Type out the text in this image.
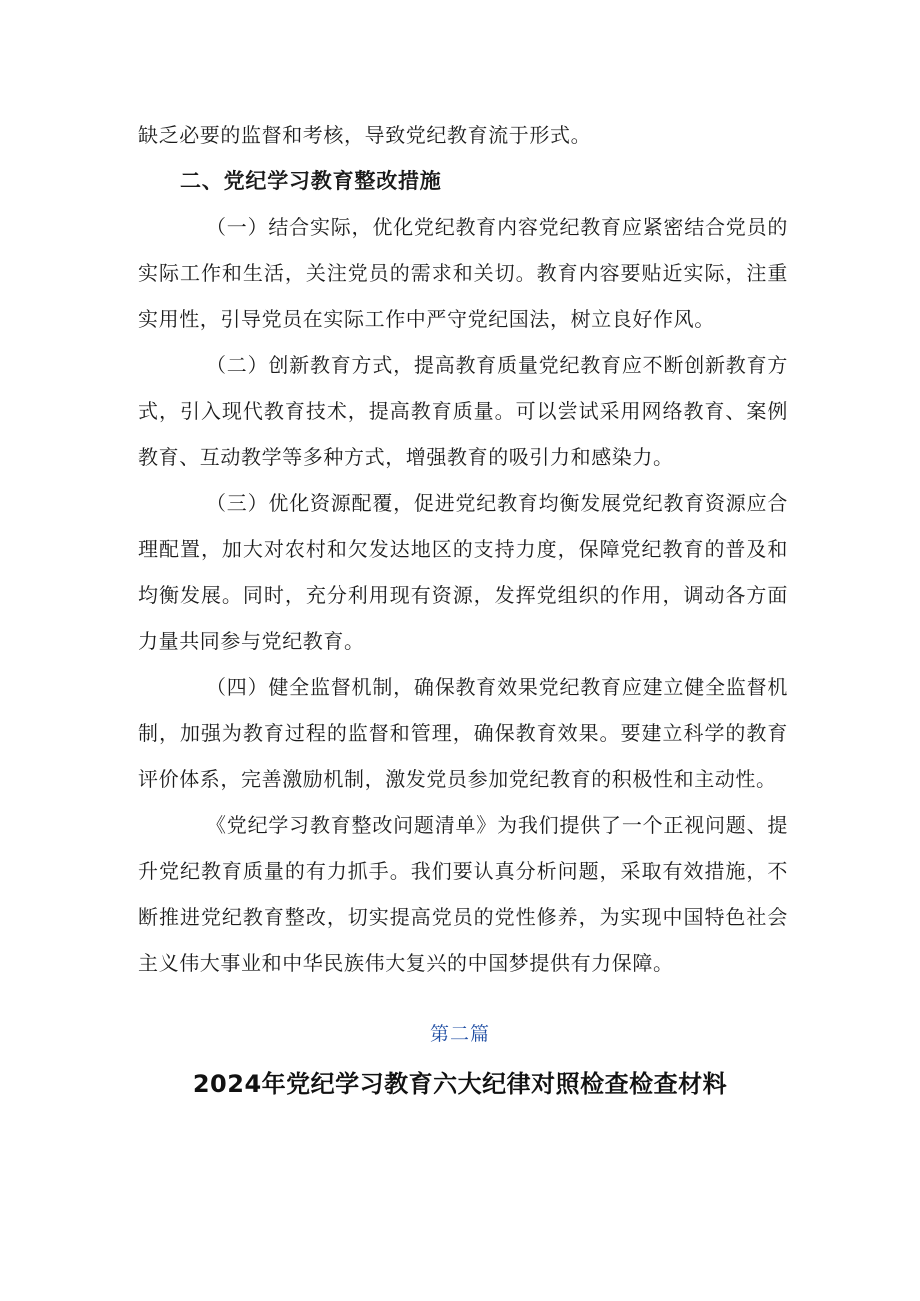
缺乏必要的监督和考核，导致党纪教育流于形式。

二、党纪学习教育整改措施

（一）结合实际，优化党纪教育内容党纪教育应紧密结合党员的实际工作和生活，关注党员的需求和关切。教育内容要贴近实际，注重实用性，引导党员在实际工作中严守党纪国法，树立良好作风。

（二）创新教育方式，提高教育质量党纪教育应不断创新教育方式，引入现代教育技术，提高教育质量。可以尝试采用网络教育、案例教育、互动教学等多种方式，增强教育的吸引力和感染力。

（三）优化资源配覆，促进党纪教育均衡发展党纪教育资源应合理配置，加大对农村和欠发达地区的支持力度，保障党纪教育的普及和均衡发展。同时，充分利用现有资源，发挥党组织的作用，调动各方面力量共同参与党纪教育。

（四）健全监督机制，确保教育效果党纪教育应建立健全监督机制，加强为教育过程的监督和管理，确保教育效果。要建立科学的教育评价体系，完善激励机制，激发党员参加党纪教育的积极性和主动性。

《党纪学习教育整改问题清单》为我们提供了一个正视问题、提升党纪教育质量的有力抓手。我们要认真分析问题，采取有效措施，不断推进党纪教育整改，切实提高党员的党性修养，为实现中国特色社会主义伟大事业和中华民族伟大复兴的中国梦提供有力保障。

第二篇
2024年党纪学习教育六大纪律对照检查检查材料
